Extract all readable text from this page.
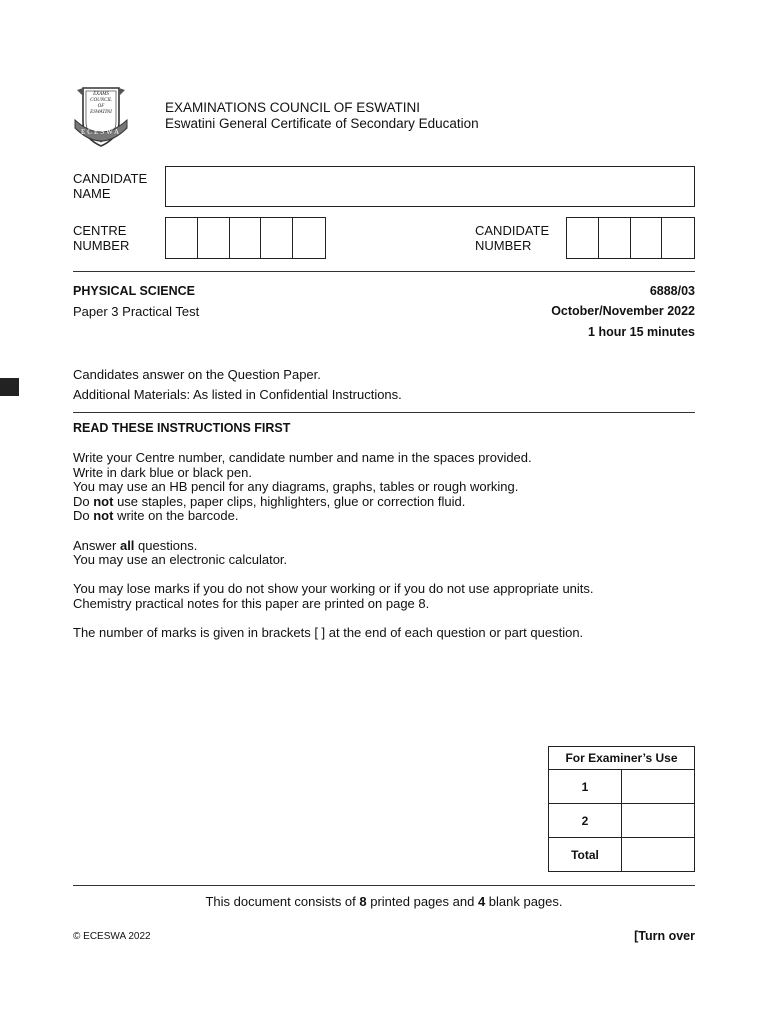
EXAMS
COUNCIL
OF
ESWATINI
ECESWA
EXAMINATIONS COUNCIL OF ESWATINI
Eswatini General Certificate of Secondary Education
CANDIDATE
NAME
CENTRE
NUMBER
CANDIDATE
NUMBER
PHYSICAL SCIENCE	6888/03
Paper 3 Practical Test	October/November 2022
1 hour 15 minutes
Candidates answer on the Question Paper.
Additional Materials: As listed in Confidential Instructions.
READ THESE INSTRUCTIONS FIRST

Write your Centre number, candidate number and name in the spaces provided.

Write in dark blue or black pen.

You may use an HB pencil for any diagrams, graphs, tables or rough working.

Do not use staples, paper clips, highlighters, glue or correction fluid.

Do not write on the barcode.

Answer all questions.

You may use an electronic calculator.

You may lose marks if you do not show your working or if you do not use appropriate units.

Chemistry practical notes for this paper are printed on page 8.

The number of marks is given in brackets [ ] at the end of each question or part question.

For Examiner’s Use	
1	
2	
Total	
This document consists of 8 printed pages and 4 blank pages.
© ECESWA 2022	[Turn over
